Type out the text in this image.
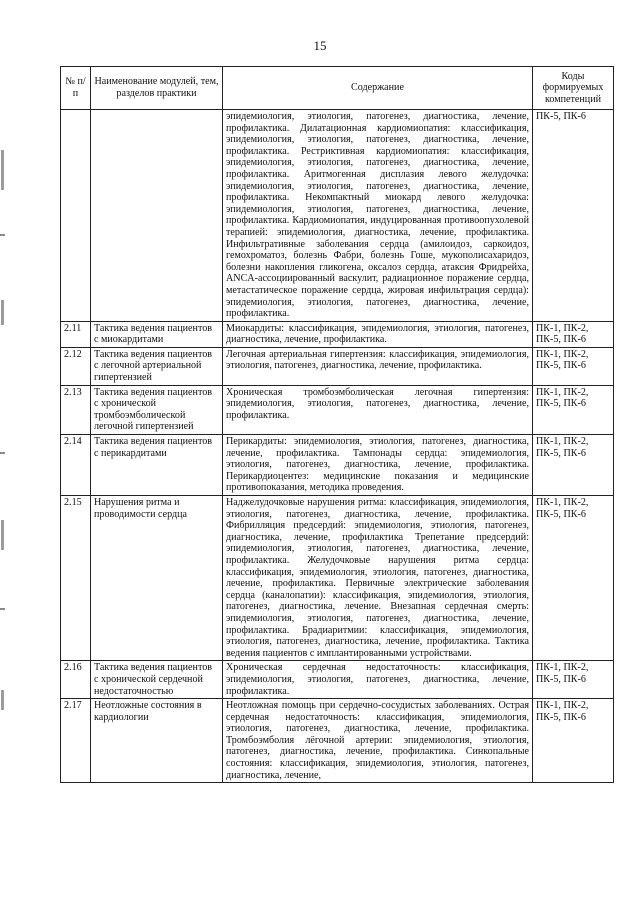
15
№ п/п	Наименование модулей, тем, разделов практики	Содержание	Коды формируемых компетенций
		эпидемиология, этиология, патогенез, диагностика, лечение, профилактика. Дилатационная кардиомиопатия: классификация, эпидемиология, этиология, патогенез, диагностика, лечение, профилактика. Рестриктивная кардиомиопатия: классификация, эпидемиология, этиология, патогенез, диагностика, лечение, профилактика. Аритмогенная дисплазия левого желудочка: эпидемиология, этиология, патогенез, диагностика, лечение, профилактика. Некомпактный миокард левого желудочка: эпидемиология, этиология, патогенез, диагностика, лечение, профилактика. Кардиомиопатия, индуцированная противоопухолевой терапией: эпидемиология, диагностика, лечение, профилактика. Инфильтративные заболевания сердца (амилоидоз, саркоидоз, гемохроматоз, болезнь Фабри, болезнь Гоше, мукополисахаридоз, болезни накопления гликогена, оксалоз сердца, атаксия Фридрейха, ANCA-ассоциированный васкулит, радиационное поражение сердца, метастатическое поражение сердца, жировая инфильтрация сердца): эпидемиология, этиология, патогенез, диагностика, лечение, профилактика.	ПК-5, ПК-6
2.11	Тактика ведения пациентов с миокардитами	Миокардиты: классификация, эпидемиология, этиология, патогенез, диагностика, лечение, профилактика.	ПК-1, ПК-2, ПК-5, ПК-6
2.12	Тактика ведения пациентов с легочной артериальной гипертензией	Легочная артериальная гипертензия: классификация, эпидемиология, этиология, патогенез, диагностика, лечение, профилактика.	ПК-1, ПК-2, ПК-5, ПК-6
2.13	Тактика ведения пациентов с хронической тромбоэмболической легочной гипертензией	Хроническая тромбоэмболическая легочная гипертензия: эпидемиология, этиология, патогенез, диагностика, лечение, профилактика.	ПК-1, ПК-2, ПК-5, ПК-6
2.14	Тактика ведения пациентов с перикардитами	Перикардиты: эпидемиология, этиология, патогенез, диагностика, лечение, профилактика. Тампонады сердца: эпидемиология, этиология, патогенез, диагностика, лечение, профилактика. Перикардиоцентез: медицинские показания и медицинские противопоказания, методика проведения.	ПК-1, ПК-2, ПК-5, ПК-6
2.15	Нарушения ритма и проводимости сердца	Наджелудочковые нарушения ритма: классификация, эпидемиология, этиология, патогенез, диагностика, лечение, профилактика. Фибрилляция предсердий: эпидемиология, этиология, патогенез, диагностика, лечение, профилактика Трепетание предсердий: эпидемиология, этиология, патогенез, диагностика, лечение, профилактика. Желудочковые нарушения ритма сердца: классификация, эпидемиология, этиология, патогенез, диагностика, лечение, профилактика. Первичные электрические заболевания сердца (каналопатии): классификация, эпидемиология, этиология, патогенез, диагностика, лечение. Внезапная сердечная смерть: эпидемиология, этиология, патогенез, диагностика, лечение, профилактика. Брадиаритмии: классификация, эпидемиология, этиология, патогенез, диагностика, лечение, профилактика. Тактика ведения пациентов с имплантированными устройствами.	ПК-1, ПК-2, ПК-5, ПК-6
2.16	Тактика ведения пациентов с хронической сердечной недостаточностью	Хроническая сердечная недостаточность: классификация, эпидемиология, этиология, патогенез, диагностика, лечение, профилактика.	ПК-1, ПК-2, ПК-5, ПК-6
2.17	Неотложные состояния в кардиологии	Неотложная помощь при сердечно-сосудистых заболеваниях. Острая сердечная недостаточность: классификация, эпидемиология, этиология, патогенез, диагностика, лечение, профилактика. Тромбоэмболия лёгочной артерии: эпидемиология, этиология, патогенез, диагностика, лечение, профилактика. Синкопальные состояния: классификация, эпидемиология, этиология, патогенез, диагностика, лечение,	ПК-1, ПК-2, ПК-5, ПК-6
